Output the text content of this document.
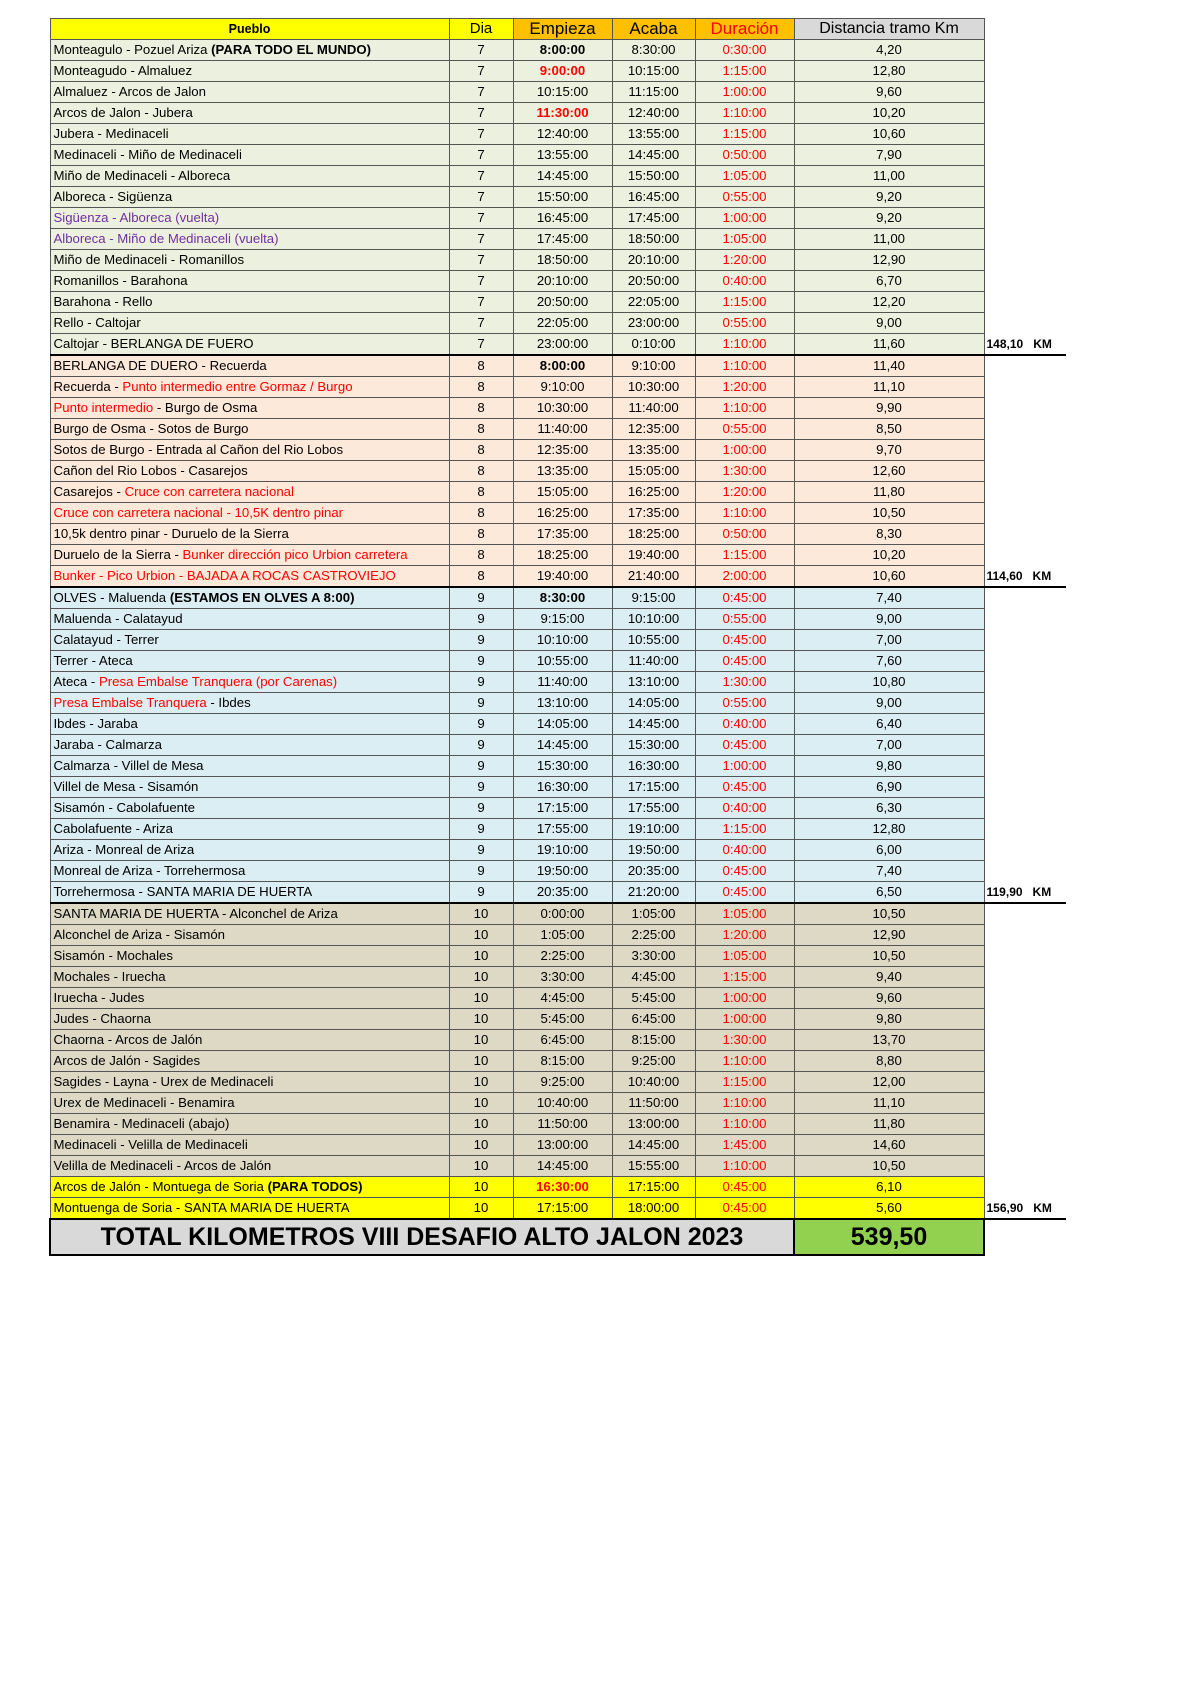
Pueblo	Dia	Empieza	Acaba	Duración	Distancia tramo Km	
Monteagulo - Pozuel Ariza (PARA TODO EL MUNDO)	7	8:00:00	8:30:00	0:30:00	4,20	
Monteagudo - Almaluez	7	9:00:00	10:15:00	1:15:00	12,80	
Almaluez - Arcos de Jalon	7	10:15:00	11:15:00	1:00:00	9,60	
Arcos de Jalon - Jubera	7	11:30:00	12:40:00	1:10:00	10,20	
Jubera - Medinaceli	7	12:40:00	13:55:00	1:15:00	10,60	
Medinaceli - Miño de Medinaceli	7	13:55:00	14:45:00	0:50:00	7,90	
Miño de Medinaceli - Alboreca	7	14:45:00	15:50:00	1:05:00	11,00	
Alboreca - Sigüenza	7	15:50:00	16:45:00	0:55:00	9,20	
Sigüenza - Alboreca (vuelta)	7	16:45:00	17:45:00	1:00:00	9,20	
Alboreca - Miño de Medinaceli (vuelta)	7	17:45:00	18:50:00	1:05:00	11,00	
Miño de Medinaceli - Romanillos	7	18:50:00	20:10:00	1:20:00	12,90	
Romanillos - Barahona	7	20:10:00	20:50:00	0:40:00	6,70	
Barahona - Rello	7	20:50:00	22:05:00	1:15:00	12,20	
Rello - Caltojar	7	22:05:00	23:00:00	0:55:00	9,00	
Caltojar - BERLANGA DE FUERO	7	23:00:00	0:10:00	1:10:00	11,60	148,10   KM
BERLANGA DE DUERO - Recuerda	8	8:00:00	9:10:00	1:10:00	11,40	
Recuerda - Punto intermedio entre Gormaz / Burgo	8	9:10:00	10:30:00	1:20:00	11,10	
Punto intermedio - Burgo de Osma	8	10:30:00	11:40:00	1:10:00	9,90	
Burgo de Osma - Sotos de Burgo	8	11:40:00	12:35:00	0:55:00	8,50	
Sotos de Burgo - Entrada al Cañon del Rio Lobos	8	12:35:00	13:35:00	1:00:00	9,70	
Cañon del Rio Lobos - Casarejos	8	13:35:00	15:05:00	1:30:00	12,60	
Casarejos - Cruce con carretera nacional	8	15:05:00	16:25:00	1:20:00	11,80	
Cruce con carretera nacional - 10,5K dentro pinar	8	16:25:00	17:35:00	1:10:00	10,50	
10,5k dentro pinar - Duruelo de la Sierra	8	17:35:00	18:25:00	0:50:00	8,30	
Duruelo de la Sierra - Bunker dirección pico Urbion carretera	8	18:25:00	19:40:00	1:15:00	10,20	
Bunker - Pico Urbion - BAJADA A ROCAS CASTROVIEJO	8	19:40:00	21:40:00	2:00:00	10,60	114,60   KM
OLVES - Maluenda (ESTAMOS EN OLVES A 8:00)	9	8:30:00	9:15:00	0:45:00	7,40	
Maluenda - Calatayud	9	9:15:00	10:10:00	0:55:00	9,00	
Calatayud - Terrer	9	10:10:00	10:55:00	0:45:00	7,00	
Terrer - Ateca	9	10:55:00	11:40:00	0:45:00	7,60	
Ateca - Presa Embalse Tranquera (por Carenas)	9	11:40:00	13:10:00	1:30:00	10,80	
Presa Embalse Tranquera - Ibdes	9	13:10:00	14:05:00	0:55:00	9,00	
Ibdes - Jaraba	9	14:05:00	14:45:00	0:40:00	6,40	
Jaraba - Calmarza	9	14:45:00	15:30:00	0:45:00	7,00	
Calmarza - Villel de Mesa	9	15:30:00	16:30:00	1:00:00	9,80	
Villel de Mesa - Sisamón	9	16:30:00	17:15:00	0:45:00	6,90	
Sisamón - Cabolafuente	9	17:15:00	17:55:00	0:40:00	6,30	
Cabolafuente - Ariza	9	17:55:00	19:10:00	1:15:00	12,80	
Ariza - Monreal de Ariza	9	19:10:00	19:50:00	0:40:00	6,00	
Monreal de Ariza - Torrehermosa	9	19:50:00	20:35:00	0:45:00	7,40	
Torrehermosa - SANTA MARIA DE HUERTA	9	20:35:00	21:20:00	0:45:00	6,50	119,90   KM
SANTA MARIA DE HUERTA - Alconchel de Ariza	10	0:00:00	1:05:00	1:05:00	10,50	
Alconchel de Ariza - Sisamón	10	1:05:00	2:25:00	1:20:00	12,90	
Sisamón - Mochales	10	2:25:00	3:30:00	1:05:00	10,50	
Mochales - Iruecha	10	3:30:00	4:45:00	1:15:00	9,40	
Iruecha - Judes	10	4:45:00	5:45:00	1:00:00	9,60	
Judes - Chaorna	10	5:45:00	6:45:00	1:00:00	9,80	
Chaorna - Arcos de Jalón	10	6:45:00	8:15:00	1:30:00	13,70	
Arcos de Jalón - Sagides	10	8:15:00	9:25:00	1:10:00	8,80	
Sagides - Layna - Urex de Medinaceli	10	9:25:00	10:40:00	1:15:00	12,00	
Urex de Medinaceli - Benamira	10	10:40:00	11:50:00	1:10:00	11,10	
Benamira - Medinaceli (abajo)	10	11:50:00	13:00:00	1:10:00	11,80	
Medinaceli - Velilla de Medinaceli	10	13:00:00	14:45:00	1:45:00	14,60	
Velilla de Medinaceli - Arcos de Jalón	10	14:45:00	15:55:00	1:10:00	10,50	
Arcos de Jalón - Montuega de Soria (PARA TODOS)	10	16:30:00	17:15:00	0:45:00	6,10	
Montuenga de Soria - SANTA MARIA DE HUERTA	10	17:15:00	18:00:00	0:45:00	5,60	156,90   KM
TOTAL KILOMETROS VIII DESAFIO ALTO JALON 2023					539,50	
